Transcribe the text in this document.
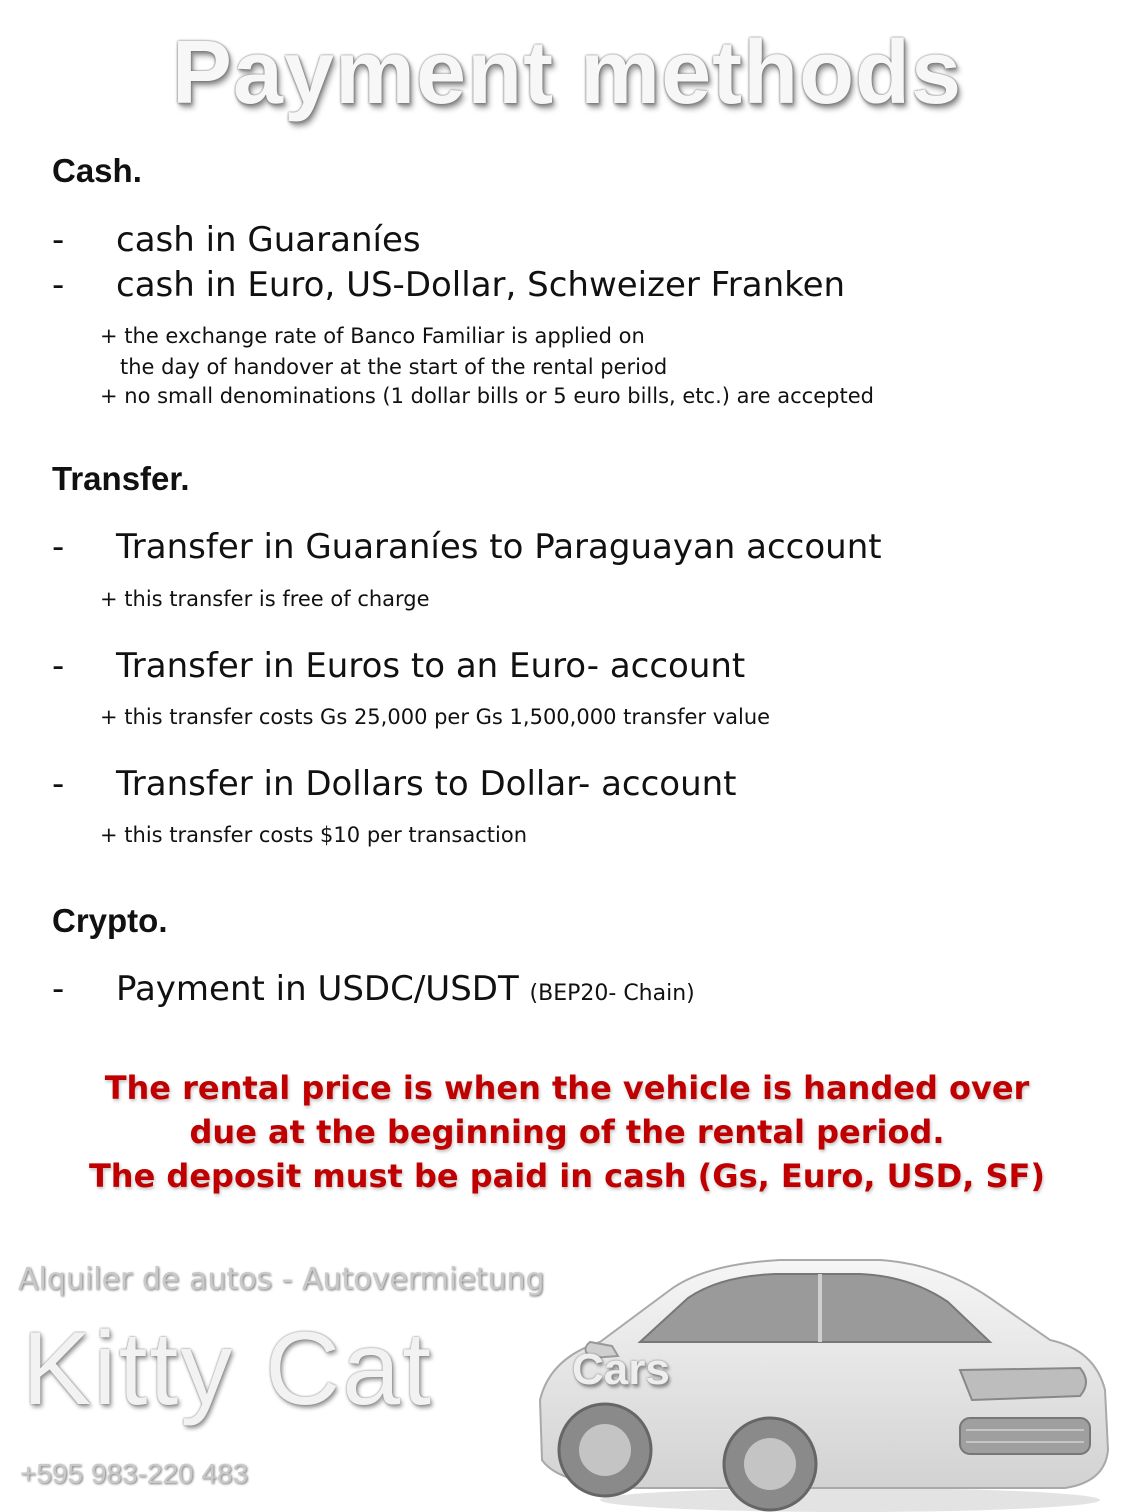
Payment methods
Cash.
- cash in Guaraníes
- cash in Euro, US-Dollar, Schweizer Franken
+ the exchange rate of Banco Familiar is applied on
the day of handover at the start of the rental period
+ no small denominations (1 dollar bills or 5 euro bills, etc.) are accepted
Transfer.
- Transfer in Guaraníes to Paraguayan account
+ this transfer is free of charge
- Transfer in Euros to an Euro- account
+ this transfer costs Gs 25,000 per Gs 1,500,000 transfer value
- Transfer in Dollars to Dollar- account
+ this transfer costs $10 per transaction
Crypto.
- Payment in USDC/USDT (BEP20- Chain)
The rental price is when the vehicle is handed over
due at the beginning of the rental period.
The deposit must be paid in cash (Gs, Euro, USD, SF)
Alquiler de autos - Autovermietung
Kitty Cat	Cars
+595 983-220 483
